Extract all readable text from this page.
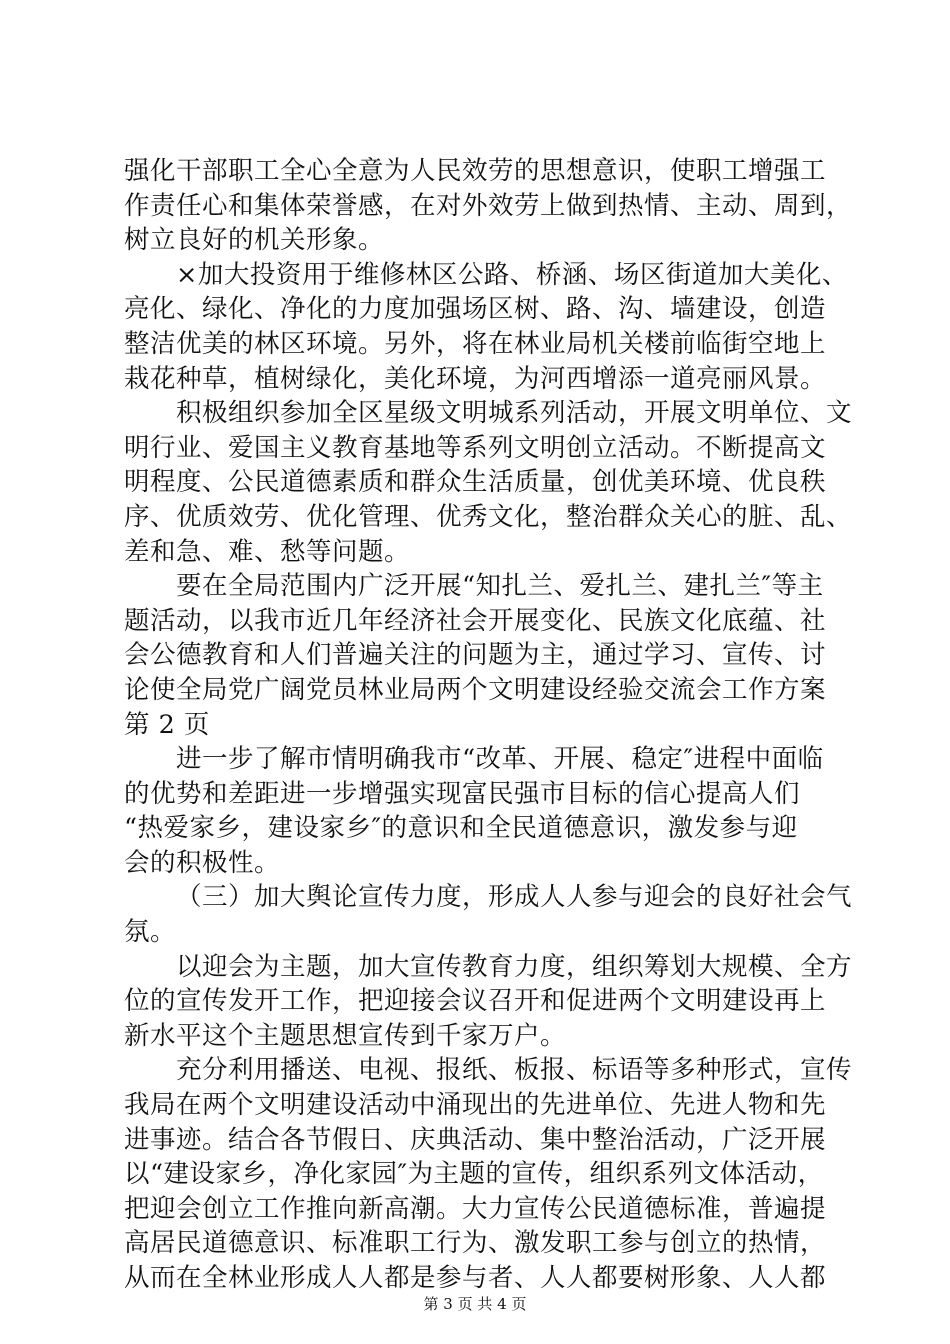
强化干部职工全心全意为人民效劳的思想意识，使职工增强工
作责任心和集体荣誉感，在对外效劳上做到热情、主动、周到，
树立良好的机关形象。
×加大投资用于维修林区公路、桥涵、场区街道加大美化、
亮化、绿化、净化的力度加强场区树、路、沟、墙建设，创造
整洁优美的林区环境。另外，将在林业局机关楼前临街空地上
栽花种草，植树绿化，美化环境，为河西增添一道亮丽风景。
积极组织参加全区星级文明城系列活动，开展文明单位、文
明行业、爱国主义教育基地等系列文明创立活动。不断提高文
明程度、公民道德素质和群众生活质量，创优美环境、优良秩
序、优质效劳、优化管理、优秀文化，整治群众关心的脏、乱、
差和急、难、愁等问题。
要在全局范围内广泛开展“知扎兰、爱扎兰、建扎兰″等主
题活动，以我市近几年经济社会开展变化、民族文化底蕴、社
会公德教育和人们普遍关注的问题为主，通过学习、宣传、讨
论使全局党广阔党员林业局两个文明建设经验交流会工作方案
第 2 页
进一步了解市情明确我市“改革、开展、稳定″进程中面临
的优势和差距进一步增强实现富民强市目标的信心提高人们
“热爱家乡，建设家乡″的意识和全民道德意识，激发参与迎
会的积极性。
（三）加大舆论宣传力度，形成人人参与迎会的良好社会气
氛。
以迎会为主题，加大宣传教育力度，组织筹划大规模、全方
位的宣传发开工作，把迎接会议召开和促进两个文明建设再上
新水平这个主题思想宣传到千家万户。
充分利用播送、电视、报纸、板报、标语等多种形式，宣传
我局在两个文明建设活动中涌现出的先进单位、先进人物和先
进事迹。结合各节假日、庆典活动、集中整治活动，广泛开展
以“建设家乡，净化家园″为主题的宣传，组织系列文体活动，
把迎会创立工作推向新高潮。大力宣传公民道德标准，普遍提
高居民道德意识、标准职工行为、激发职工参与创立的热情，
从而在全林业形成人人都是参与者、人人都要树形象、人人都
第 3 页 共 4 页
